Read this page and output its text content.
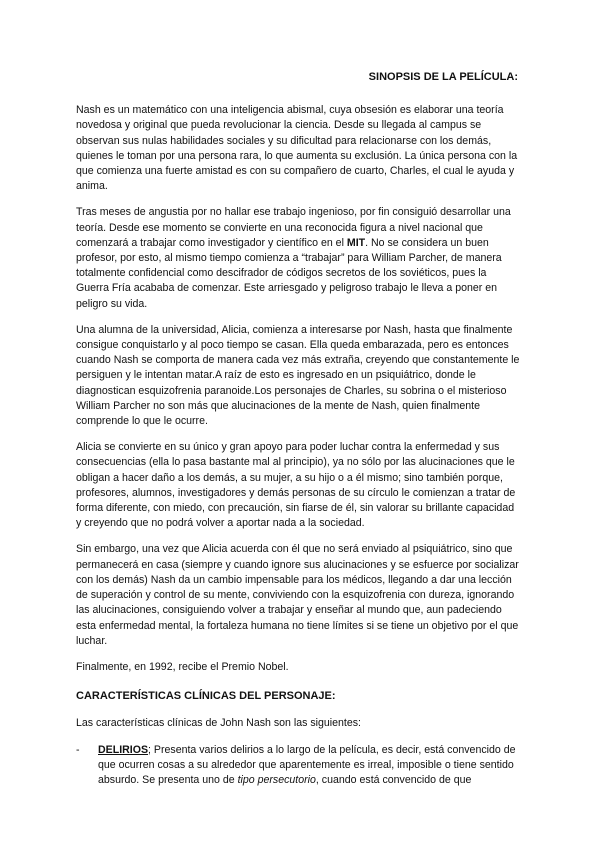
SINOPSIS DE LA PELÍCULA:

Nash es un matemático con una inteligencia abismal, cuya obsesión es elaborar una teoría novedosa y original que pueda revolucionar la ciencia. Desde su llegada al campus se observan sus nulas habilidades sociales y su dificultad para relacionarse con los demás, quienes le toman por una persona rara, lo que aumenta su exclusión. La única persona con la que comienza una fuerte amistad es con su compañero de cuarto, Charles, el cual le ayuda y anima.

Tras meses de angustia por no hallar ese trabajo ingenioso, por fin consiguió desarrollar una teoría. Desde ese momento se convierte en una reconocida figura a nivel nacional que comenzará a trabajar como investigador y científico en el MIT. No se considera un buen profesor, por esto, al mismo tiempo comienza a “trabajar” para William Parcher, de manera totalmente confidencial como descifrador de códigos secretos de los soviéticos, pues la Guerra Fría acababa de comenzar. Este arriesgado y peligroso trabajo le lleva a poner en peligro su vida.

Una alumna de la universidad, Alicia, comienza a interesarse por Nash, hasta que finalmente consigue conquistarlo y al poco tiempo se casan. Ella queda embarazada, pero es entonces cuando Nash se comporta de manera cada vez más extraña, creyendo que constantemente le persiguen y le intentan matar.A raíz de esto es ingresado en un psiquiátrico, donde le diagnostican esquizofrenia paranoide.Los personajes de Charles, su sobrina o el misterioso William Parcher no son más que alucinaciones de la mente de Nash, quien finalmente comprende lo que le ocurre.

Alicia se convierte en su único y gran apoyo para poder luchar contra la enfermedad y sus consecuencias (ella lo pasa bastante mal al principio), ya no sólo por las alucinaciones que le obligan a hacer daño a los demás, a su mujer, a su hijo o a él mismo; sino también porque, profesores, alumnos, investigadores y demás personas de su círculo le comienzan a tratar de forma diferente, con miedo, con precaución, sin fiarse de él, sin valorar su brillante capacidad y creyendo que no podrá volver a aportar nada a la sociedad.

Sin embargo, una vez que Alicia acuerda con él que no será enviado al psiquiátrico, sino que permanecerá en casa (siempre y cuando ignore sus alucinaciones y se esfuerce por socializar con los demás) Nash da un cambio impensable para los médicos, llegando a dar una lección de superación y control de su mente, conviviendo con la esquizofrenia con dureza, ignorando las alucinaciones, consiguiendo volver a trabajar y enseñar al mundo que, aun padeciendo esta enfermedad mental, la fortaleza humana no tiene límites si se tiene un objetivo por el que luchar.

Finalmente, en 1992, recibe el Premio Nobel.

CARACTERÍSTICAS CLÍNICAS DEL PERSONAJE:

Las características clínicas de John Nash son las siguientes:

-	DELIRIOS; Presenta varios delirios a lo largo de la película, es decir, está convencido de que ocurren cosas a su alrededor que aparentemente es irreal, imposible o tiene sentido absurdo. Se presenta uno de tipo persecutorio, cuando está convencido de que
